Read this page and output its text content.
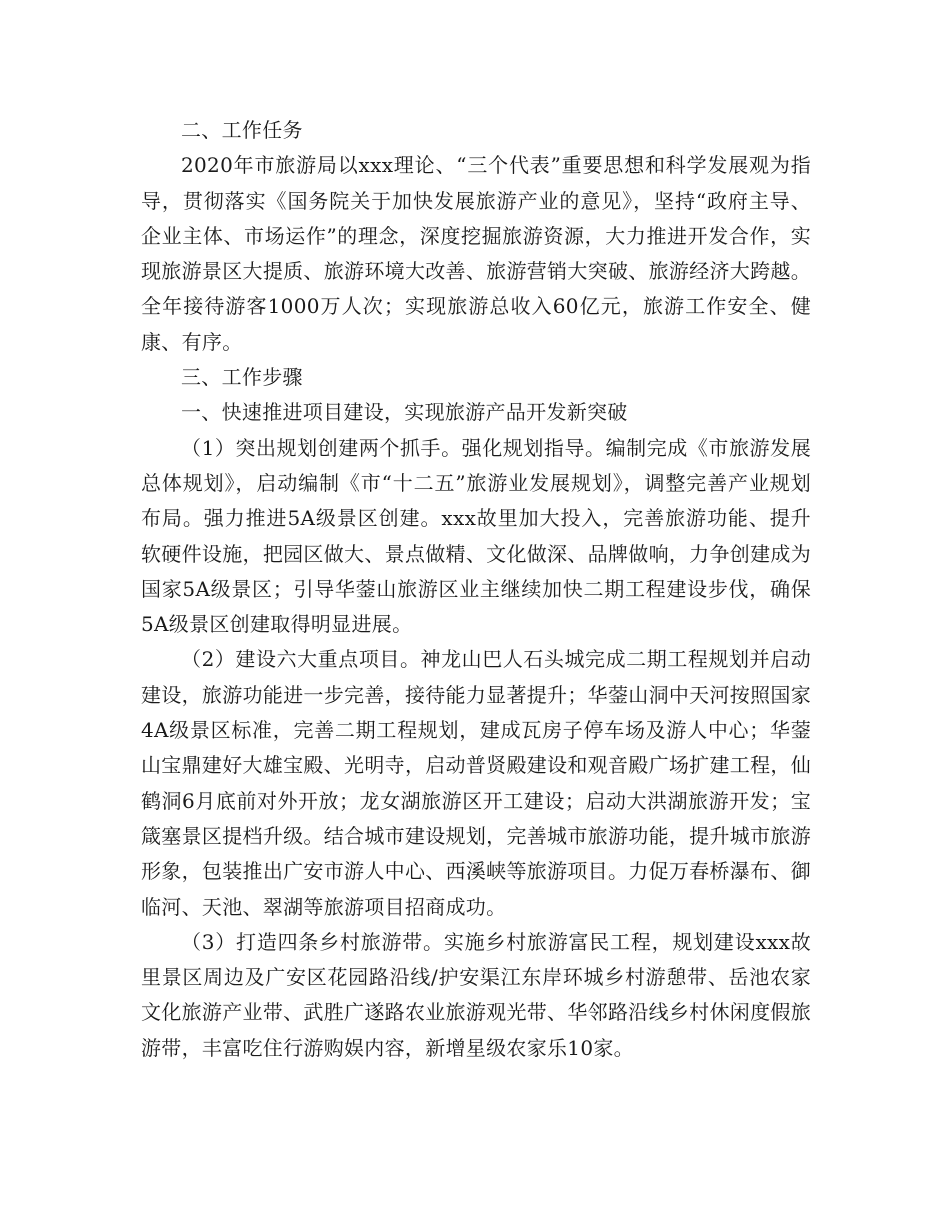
二、工作任务

2020年市旅游局以xxx理论、“三个代表”重要思想和科学发展观为指导，贯彻落实《国务院关于加快发展旅游产业的意见》，坚持“政府主导、企业主体、市场运作”的理念，深度挖掘旅游资源，大力推进开发合作，实现旅游景区大提质、旅游环境大改善、旅游营销大突破、旅游经济大跨越。全年接待游客1000万人次；实现旅游总收入60亿元，旅游工作安全、健康、有序。

三、工作步骤

一、快速推进项目建设，实现旅游产品开发新突破

（1）突出规划创建两个抓手。强化规划指导。编制完成《市旅游发展总体规划》，启动编制《市“十二五”旅游业发展规划》，调整完善产业规划布局。强力推进5A级景区创建。xxx故里加大投入，完善旅游功能、提升软硬件设施，把园区做大、景点做精、文化做深、品牌做响，力争创建成为国家5A级景区；引导华蓥山旅游区业主继续加快二期工程建设步伐，确保5A级景区创建取得明显进展。

（2）建设六大重点项目。神龙山巴人石头城完成二期工程规划并启动建设，旅游功能进一步完善，接待能力显著提升；华蓥山洞中天河按照国家4A级景区标准，完善二期工程规划，建成瓦房子停车场及游人中心；华蓥山宝鼎建好大雄宝殿、光明寺，启动普贤殿建设和观音殿广场扩建工程，仙鹤洞6月底前对外开放；龙女湖旅游区开工建设；启动大洪湖旅游开发；宝箴塞景区提档升级。结合城市建设规划，完善城市旅游功能，提升城市旅游形象，包装推出广安市游人中心、西溪峡等旅游项目。力促万春桥瀑布、御临河、天池、翠湖等旅游项目招商成功。

（3）打造四条乡村旅游带。实施乡村旅游富民工程，规划建设xxx故里景区周边及广安区花园路沿线/护安渠江东岸环城乡村游憩带、岳池农家文化旅游产业带、武胜广遂路农业旅游观光带、华邻路沿线乡村休闲度假旅游带，丰富吃住行游购娱内容，新增星级农家乐10家。
